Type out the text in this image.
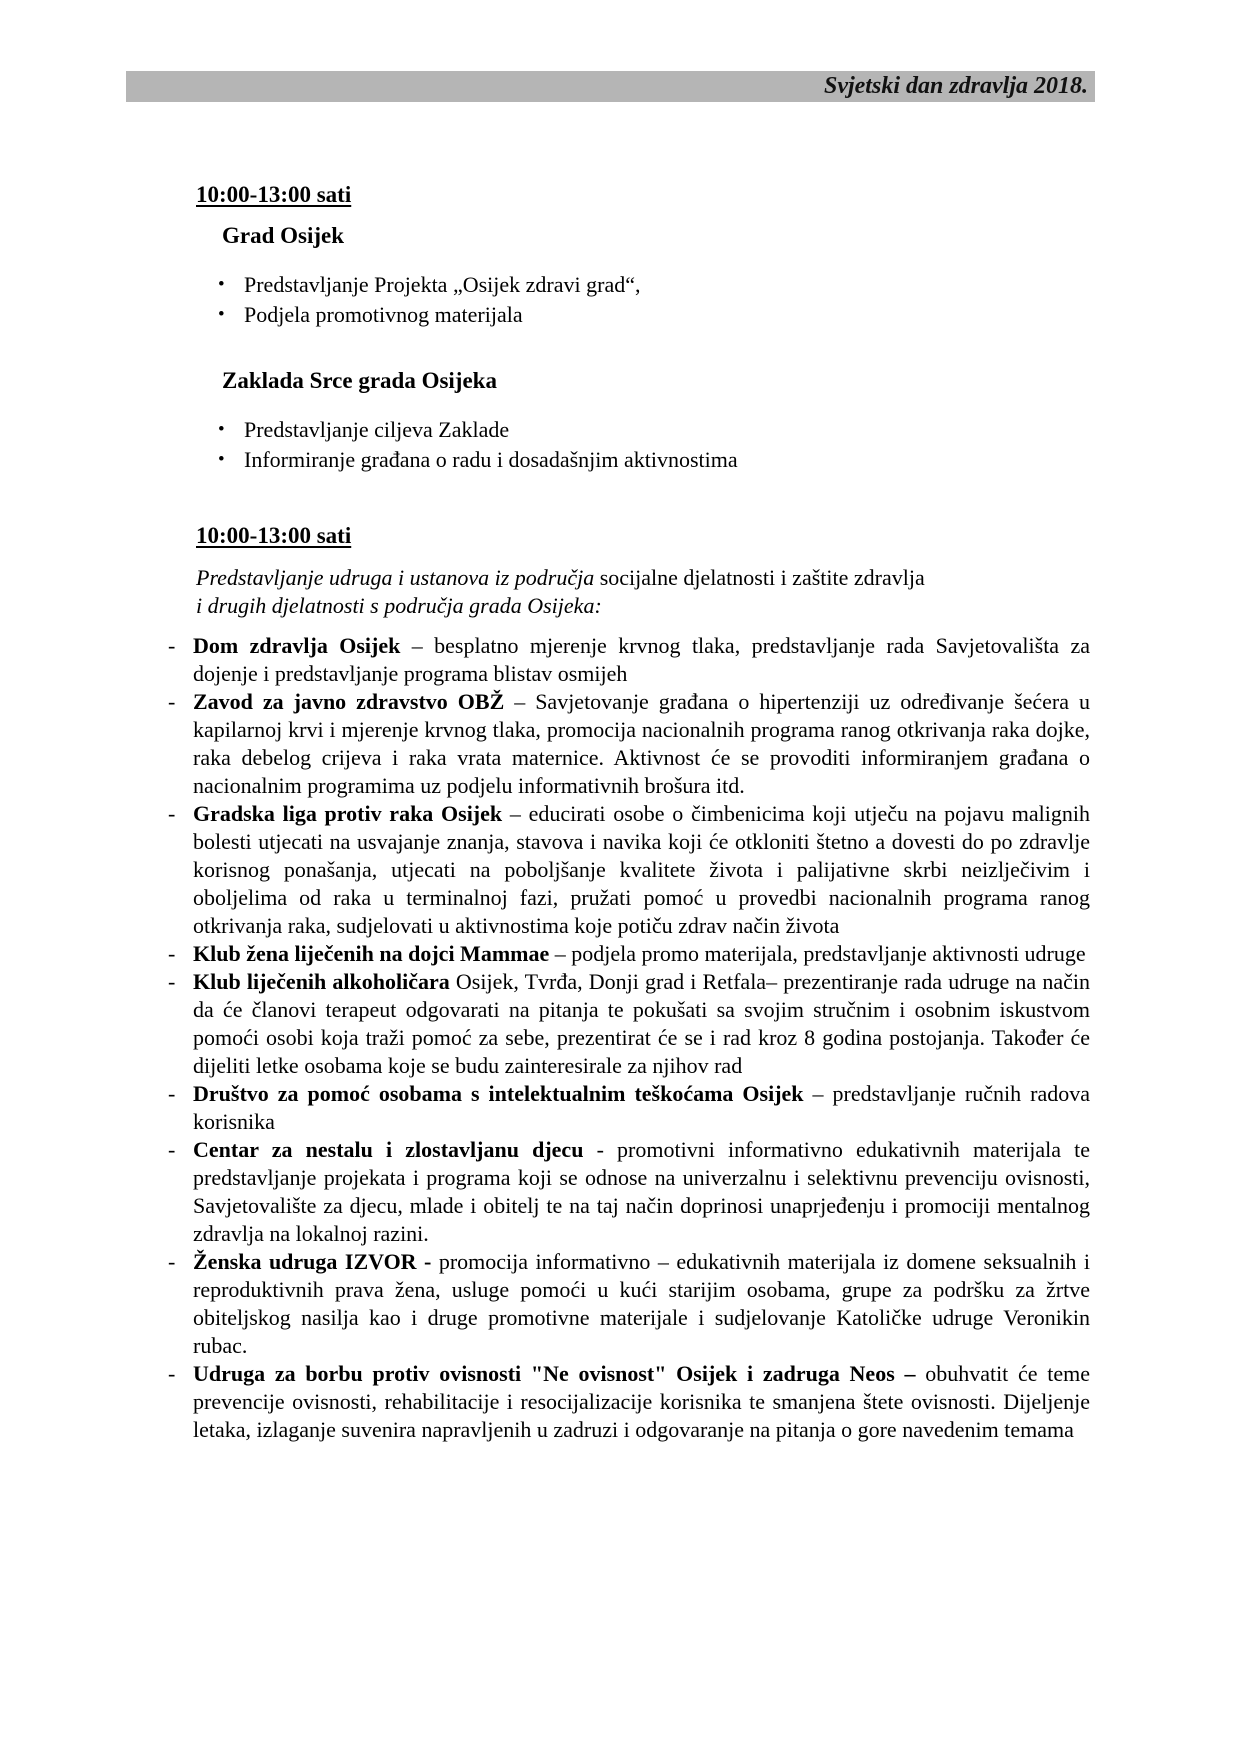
Svjetski dan zdravlja 2018.
10:00-13:00 sati
Grad Osijek
• Predstavljanje Projekta „Osijek zdravi grad“,
• Podjela promotivnog materijala
Zaklada Srce grada Osijeka
• Predstavljanje ciljeva Zaklade
• Informiranje građana o radu i dosadašnjim aktivnostima
10:00-13:00 sati

Predstavljanje udruga i ustanova iz područja socijalne djelatnosti i zaštite zdravlja
i drugih djelatnosti s područja grada Osijeka:

- Dom zdravlja Osijek – besplatno mjerenje krvnog tlaka, predstavljanje rada Savjetovališta za dojenje i predstavljanje programa blistav osmijeh

- Zavod za javno zdravstvo OBŽ – Savjetovanje građana o hipertenziji uz određivanje šećera u kapilarnoj krvi i mjerenje krvnog tlaka, promocija nacionalnih programa ranog otkrivanja raka dojke, raka debelog crijeva i raka vrata maternice. Aktivnost će se provoditi informiranjem građana o nacionalnim programima uz podjelu informativnih brošura itd.

- Gradska liga protiv raka Osijek – educirati osobe o čimbenicima koji utječu na pojavu malignih bolesti utjecati na usvajanje znanja, stavova i navika koji će otkloniti štetno a dovesti do po zdravlje korisnog ponašanja, utjecati na poboljšanje kvalitete života i palijativne skrbi neizlječivim i oboljelima od raka u terminalnoj fazi, pružati pomoć u provedbi nacionalnih programa ranog otkrivanja raka, sudjelovati u aktivnostima koje potiču zdrav način života

- Klub žena liječenih na dojci Mammae – podjela promo materijala, predstavljanje aktivnosti udruge

- Klub liječenih alkoholičara Osijek, Tvrđa, Donji grad i Retfala– prezentiranje rada udruge na način da će članovi terapeut odgovarati na pitanja te pokušati sa svojim stručnim i osobnim iskustvom pomoći osobi koja traži pomoć za sebe, prezentirat će se i rad kroz 8 godina postojanja. Također će dijeliti letke osobama koje se budu zainteresirale za njihov rad

- Društvo za pomoć osobama s intelektualnim teškoćama Osijek – predstavljanje ručnih radova korisnika

- Centar za nestalu i zlostavljanu djecu - promotivni informativno edukativnih materijala te predstavljanje projekata i programa koji se odnose na univerzalnu i selektivnu prevenciju ovisnosti, Savjetovalište za djecu, mlade i obitelj te na taj način doprinosi unaprjeđenju i promociji mentalnog zdravlja na lokalnoj razini.

- Ženska udruga IZVOR - promocija informativno – edukativnih materijala iz domene seksualnih i reproduktivnih prava žena, usluge pomoći u kući starijim osobama, grupe za podršku za žrtve obiteljskog nasilja kao i druge promotivne materijale i sudjelovanje Katoličke udruge Veronikin rubac.

- Udruga za borbu protiv ovisnosti "Ne ovisnost" Osijek i zadruga Neos – obuhvatit će teme prevencije ovisnosti, rehabilitacije i resocijalizacije korisnika te smanjena štete ovisnosti. Dijeljenje letaka, izlaganje suvenira napravljenih u zadruzi i odgovaranje na pitanja o gore navedenim temama
